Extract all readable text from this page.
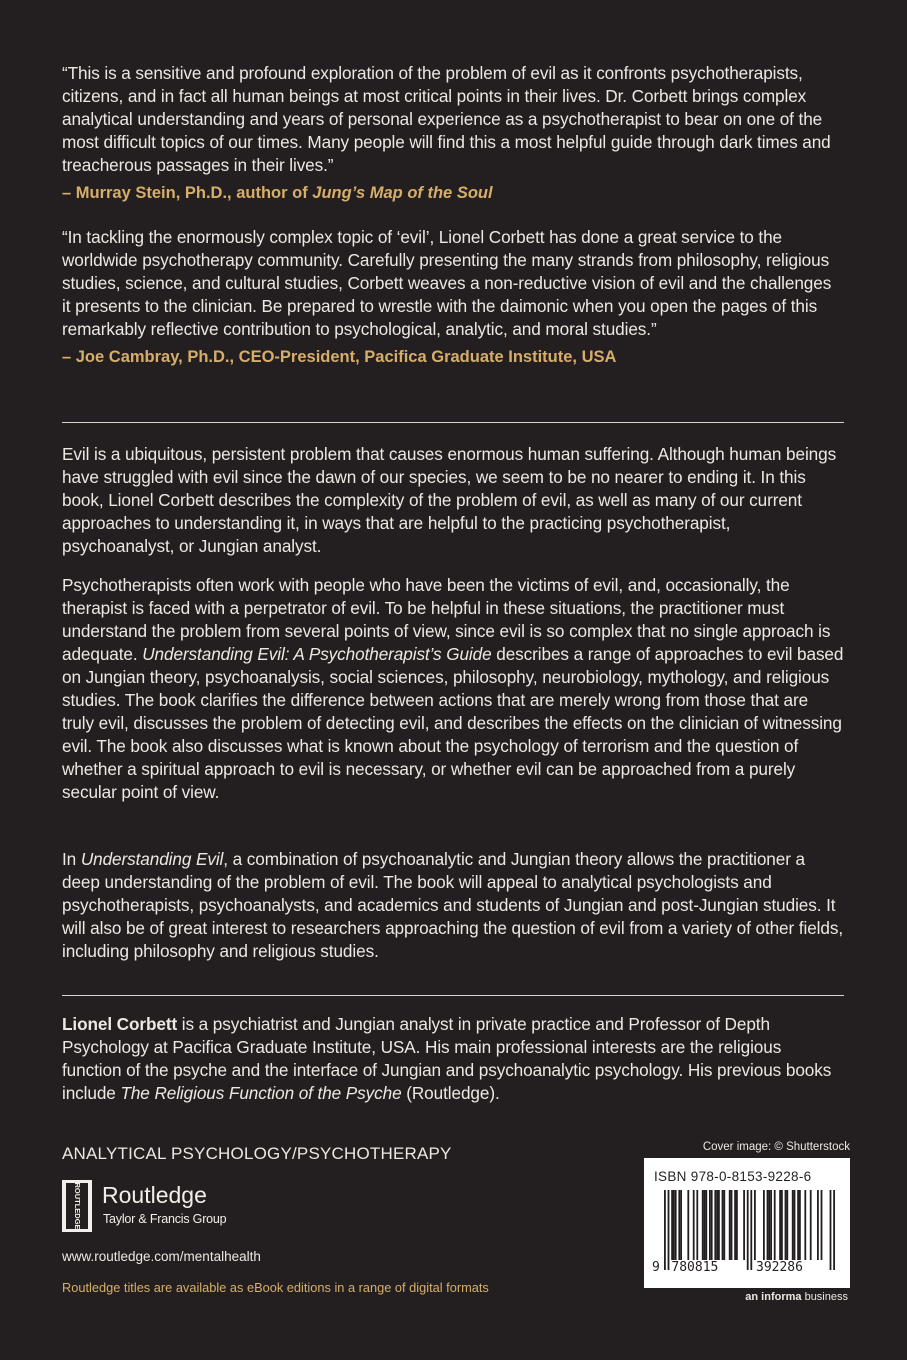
“This is a sensitive and profound exploration of the problem of evil as it confronts psychotherapists, citizens, and in fact all human beings at most critical points in their lives. Dr. Corbett brings complex analytical understanding and years of personal experience as a psychotherapist to bear on one of the most difficult topics of our times. Many people will find this a most helpful guide through dark times and treacherous passages in their lives.”

– Murray Stein, Ph.D., author of Jung’s Map of the Soul

“In tackling the enormously complex topic of ‘evil’, Lionel Corbett has done a great service to the worldwide psychotherapy community. Carefully presenting the many strands from philosophy, religious studies, science, and cultural studies, Corbett weaves a non-reductive vision of evil and the challenges it presents to the clinician. Be prepared to wrestle with the daimonic when you open the pages of this remarkably reflective contribution to psychological, analytic, and moral studies.”

– Joe Cambray, Ph.D., CEO-President, Pacifica Graduate Institute, USA

Evil is a ubiquitous, persistent problem that causes enormous human suffering. Although human beings have struggled with evil since the dawn of our species, we seem to be no nearer to ending it. In this book, Lionel Corbett describes the complexity of the problem of evil, as well as many of our current approaches to understanding it, in ways that are helpful to the practicing psychotherapist, psychoanalyst, or Jungian analyst.

Psychotherapists often work with people who have been the victims of evil, and, occasionally, the therapist is faced with a perpetrator of evil. To be helpful in these situations, the practitioner must understand the problem from several points of view, since evil is so complex that no single approach is adequate. Understanding Evil: A Psychotherapist’s Guide describes a range of approaches to evil based on Jungian theory, psychoanalysis, social sciences, philosophy, neurobiology, mythology, and religious studies. The book clarifies the difference between actions that are merely wrong from those that are truly evil, discusses the problem of detecting evil, and describes the effects on the clinician of witnessing evil. The book also discusses what is known about the psychology of terrorism and the question of whether a spiritual approach to evil is necessary, or whether evil can be approached from a purely secular point of view.

In Understanding Evil, a combination of psychoanalytic and Jungian theory allows the practitioner a deep understanding of the problem of evil. The book will appeal to analytical psychologists and psychotherapists, psychoanalysts, and academics and students of Jungian and post-Jungian studies. It will also be of great interest to researchers approaching the question of evil from a variety of other fields, including philosophy and religious studies.

Lionel Corbett is a psychiatrist and Jungian analyst in private practice and Professor of Depth Psychology at Pacifica Graduate Institute, USA. His main professional interests are the religious function of the psyche and the interface of Jungian and psychoanalytic psychology. His previous books include The Religious Function of the Psyche (Routledge).

ANALYTICAL PSYCHOLOGY/PSYCHOTHERAPY
ROUTLEDGE Routledge
Taylor & Francis Group
www.routledge.com/mentalhealth
Routledge titles are available as eBook editions in a range of digital formats
Cover image: © Shutterstock
ISBN 978-0-8153-9228-6
9 780815	392286
an informa business
